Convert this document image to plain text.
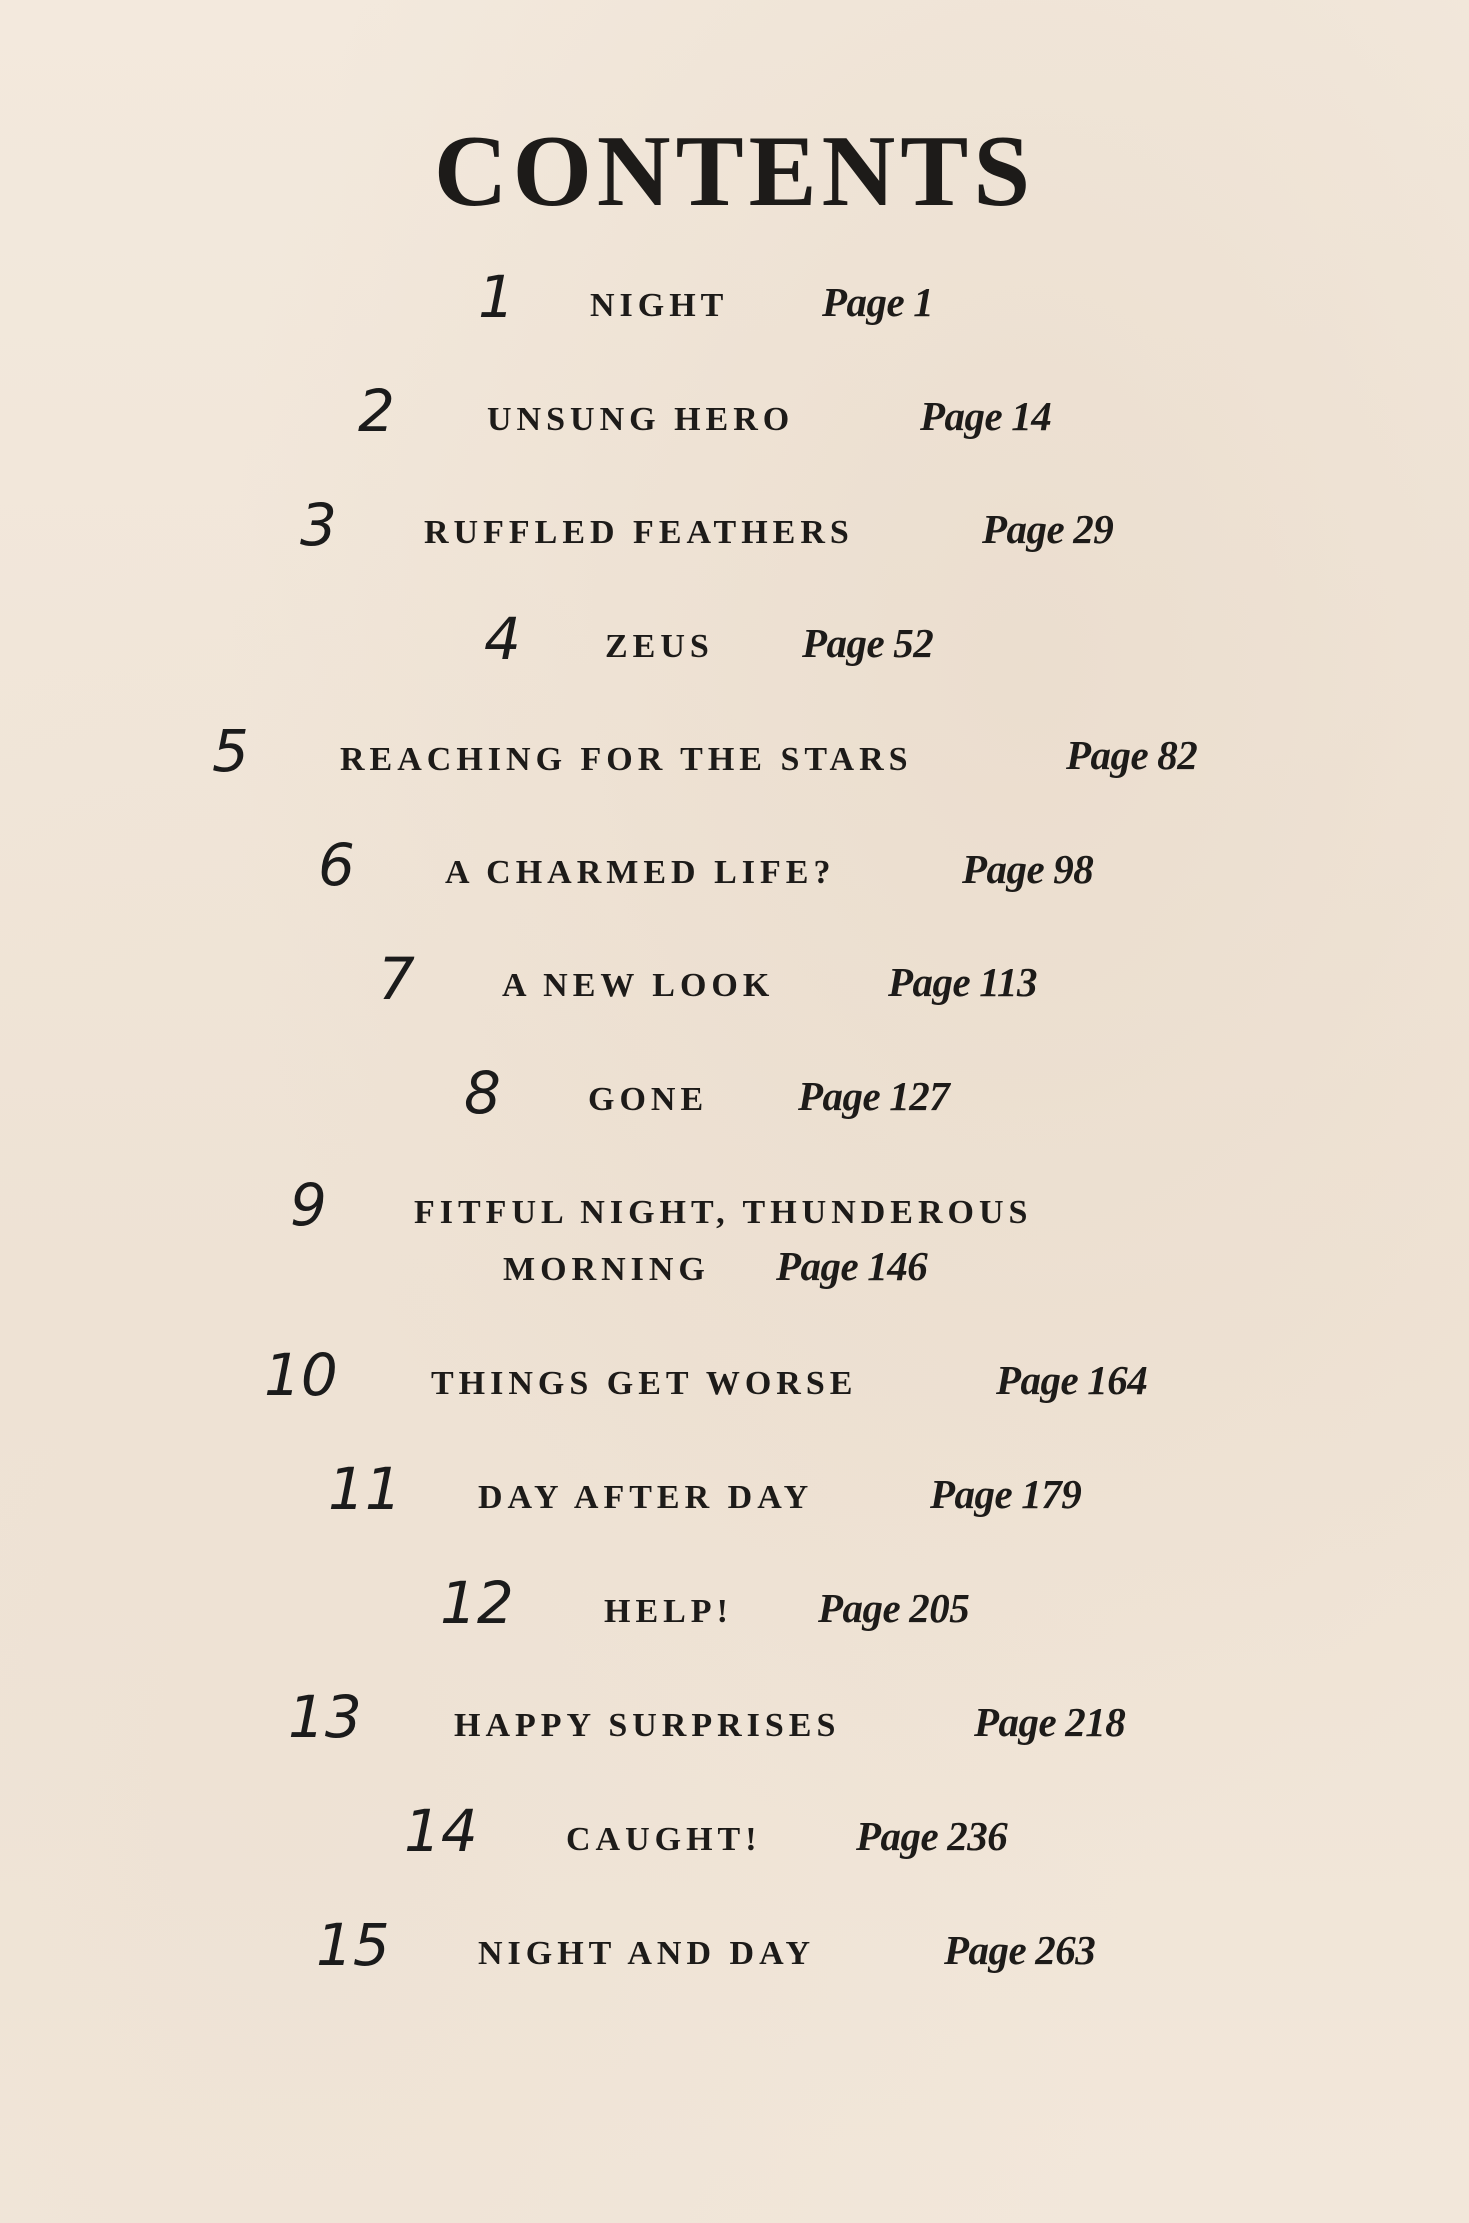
CONTENTS
1 NIGHT Page 1
2	UNSUNG HERO	Page 14
3	RUFFLED FEATHERS	Page 29
4 ZEUS Page 52
5	REACHING FOR THE STARS	Page 82
6	A CHARMED LIFE?	Page 98
7	A NEW LOOK	Page 113
8	GONE Page 127
9	FITFUL NIGHT, THUNDEROUS
MORNING Page 146
10	THINGS GET WORSE	Page 164
11 DAY AFTER DAY	Page 179
12	HELP! Page 205
13	HAPPY SURPRISES	Page 218
14	CAUGHT! Page 236
15	NIGHT AND DAY	Page 263
